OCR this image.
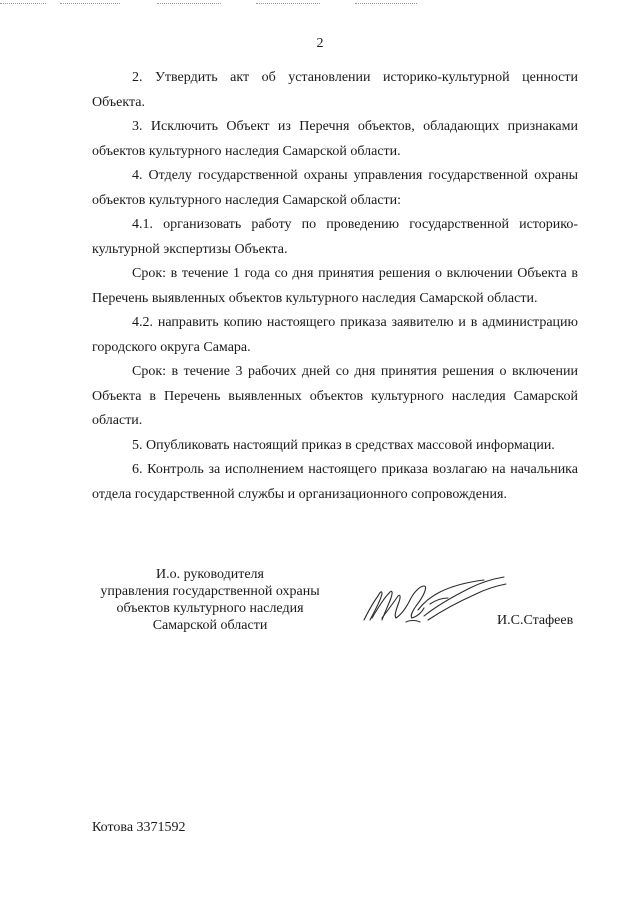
2

2. Утвердить акт об установлении историко-культурной ценности Объекта.

3. Исключить Объект из Перечня объектов, обладающих признаками объектов культурного наследия Самарской области.

4. Отделу государственной охраны управления государственной охраны объектов культурного наследия Самарской области:

4.1. организовать работу по проведению государственной историко-культурной экспертизы Объекта.

Срок: в течение 1 года со дня принятия решения о включении Объекта в Перечень выявленных объектов культурного наследия Самарской области.

4.2. направить копию настоящего приказа заявителю и в администрацию городского округа Самара.

Срок: в течение 3 рабочих дней со дня принятия решения о включении Объекта в Перечень выявленных объектов культурного наследия Самарской области.

5. Опубликовать настоящий приказ в средствах массовой информации.

6. Контроль за исполнением настоящего приказа возлагаю на начальника отдела государственной службы и организационного сопровождения.

И.о. руководителя
управления государственной охраны
объектов культурного наследия
Самарской области	И.С.Стафеев
Котова 3371592
